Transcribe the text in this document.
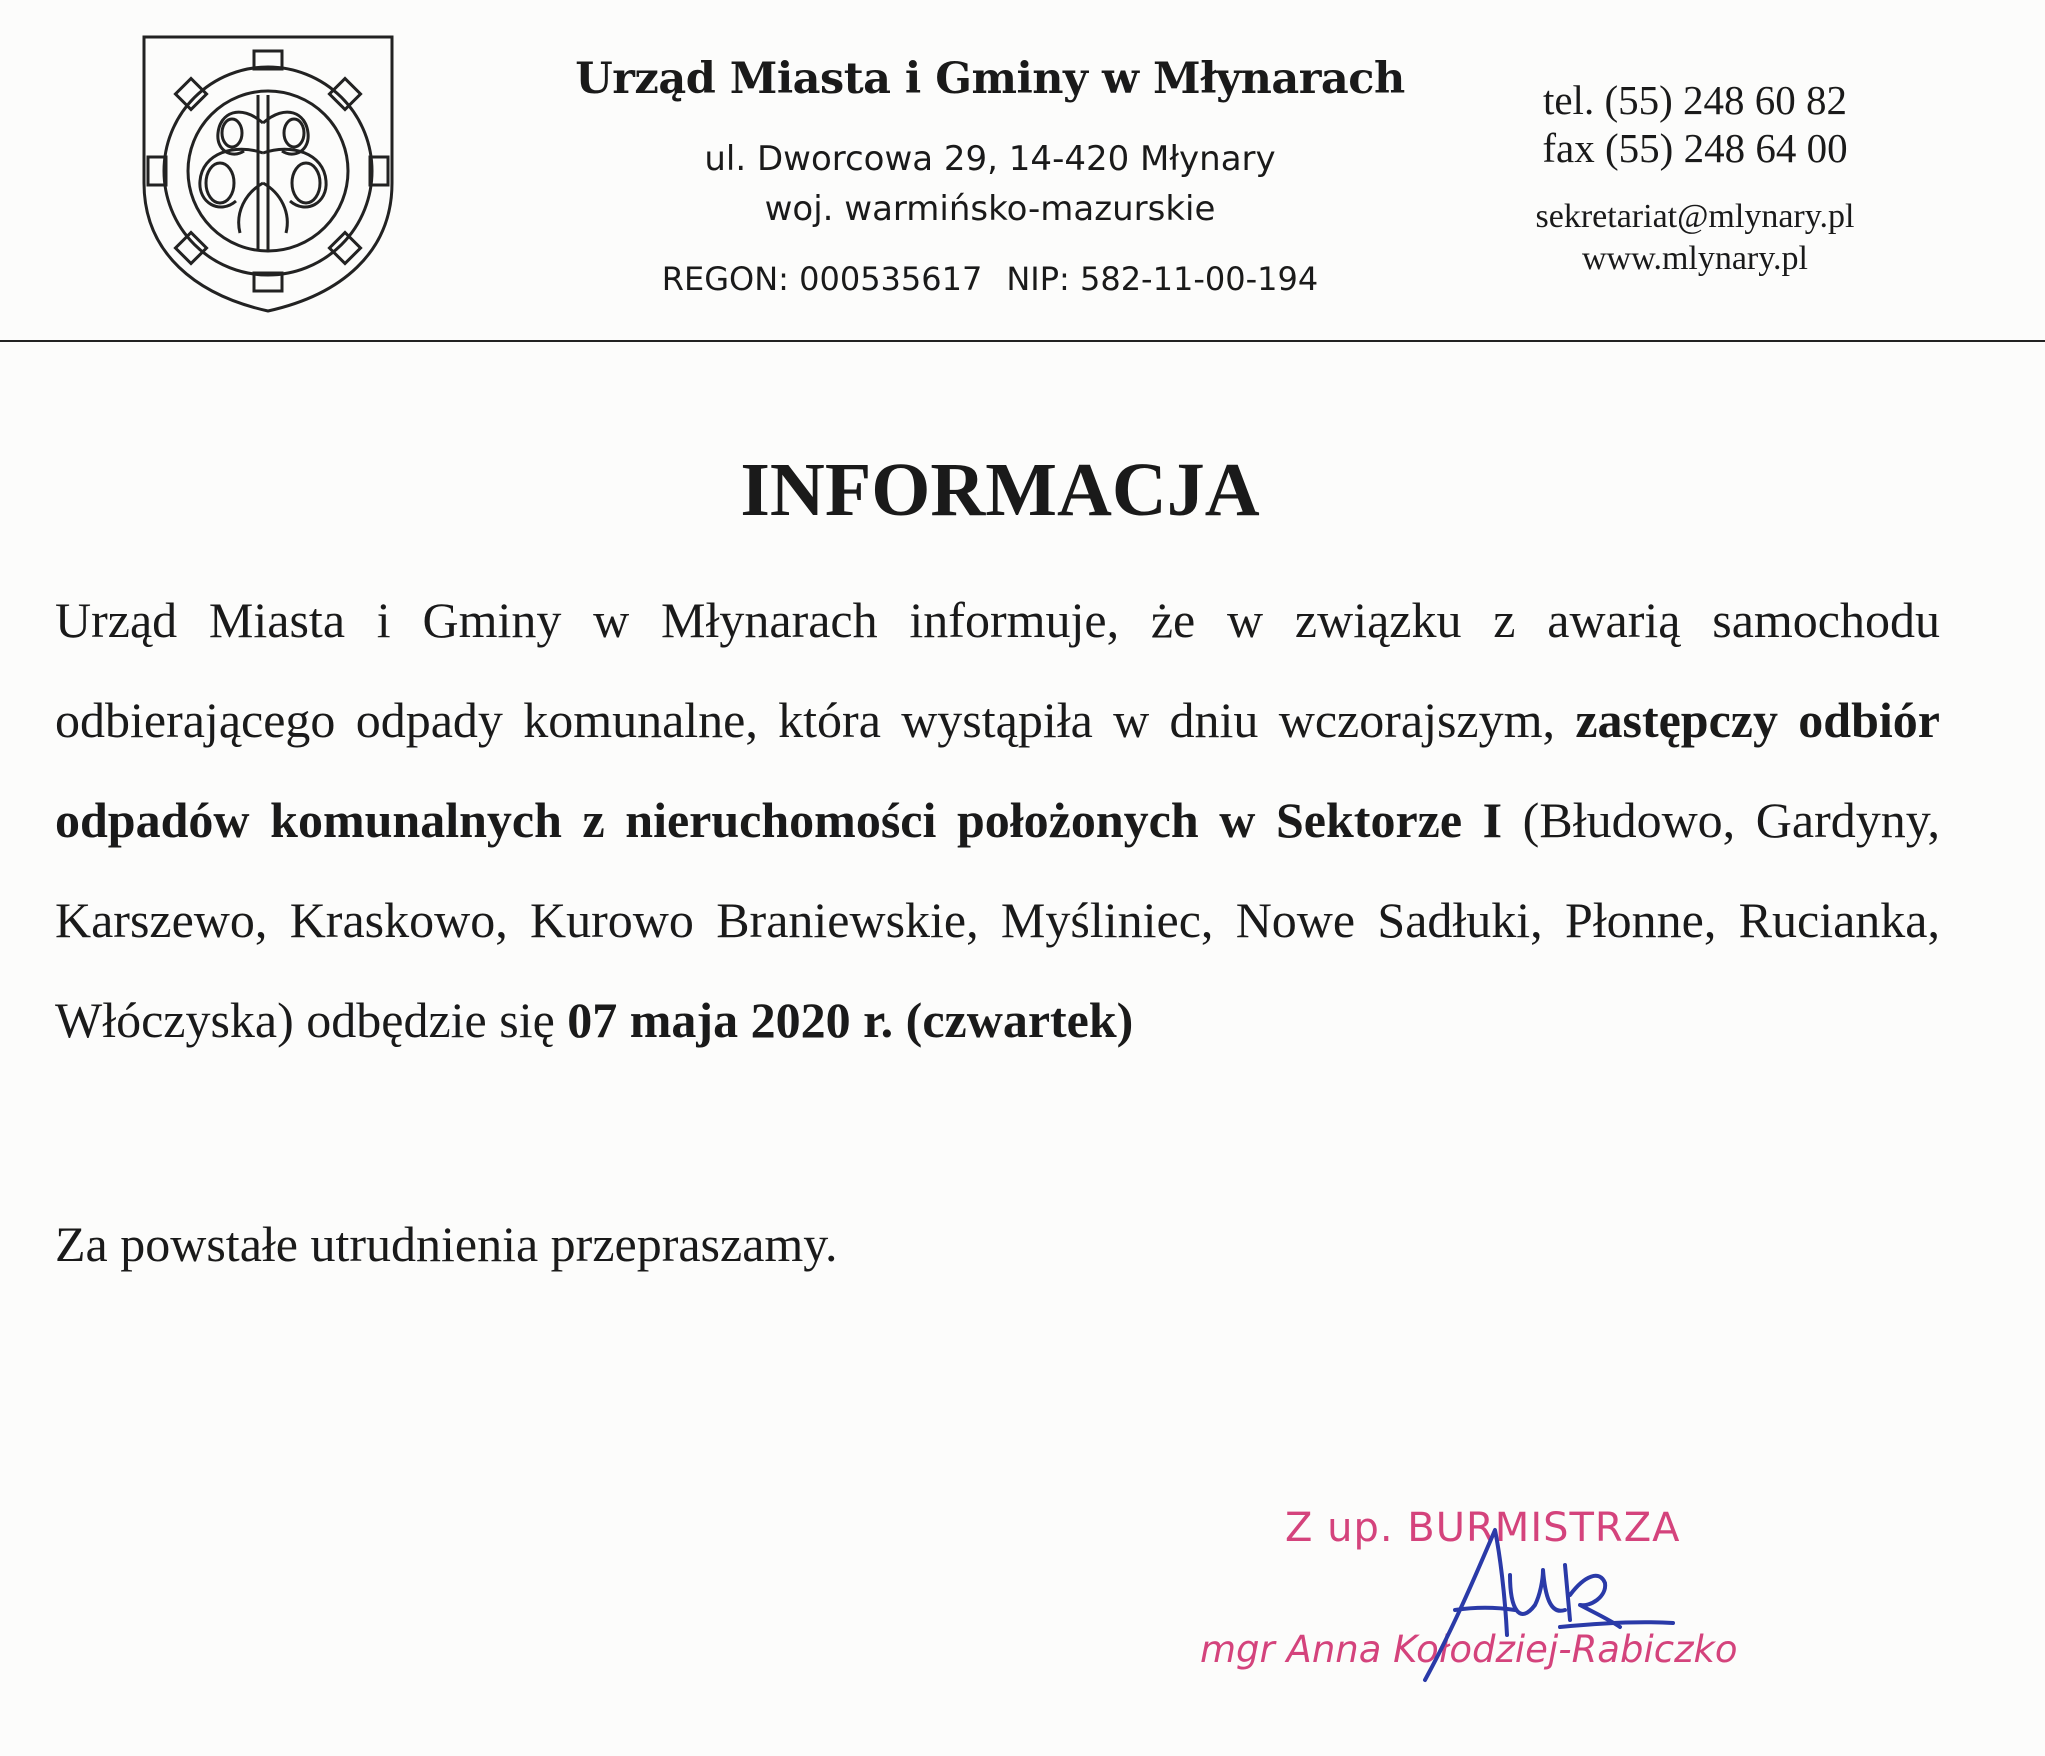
Urząd Miasta i Gminy w Młynarach
ul. Dworcowa 29, 14-420 Młynary
woj. warmińsko-mazurskie
REGON: 000535617 NIP: 582-11-00-194
tel. (55) 248 60 82
fax (55) 248 64 00
sekretariat@mlynary.pl
www.mlynary.pl
INFORMACJA
Urząd Miasta i Gminy w Młynarach informuje, że w związku z awarią samochodu odbierającego odpady komunalne, która wystąpiła w dniu wczorajszym, zastępczy odbiór odpadów komunalnych z nieruchomości położonych w Sektorze I (Błudowo, Gardyny, Karszewo, Kraskowo, Kurowo Braniewskie, Myśliniec, Nowe Sadłuki, Płonne, Rucianka, Włóczyska) odbędzie się 07 maja 2020 r. (czwartek)
Za powstałe utrudnienia przepraszamy.
Z up. BURMISTRZA
mgr Anna Kołodziej-Rabiczko
